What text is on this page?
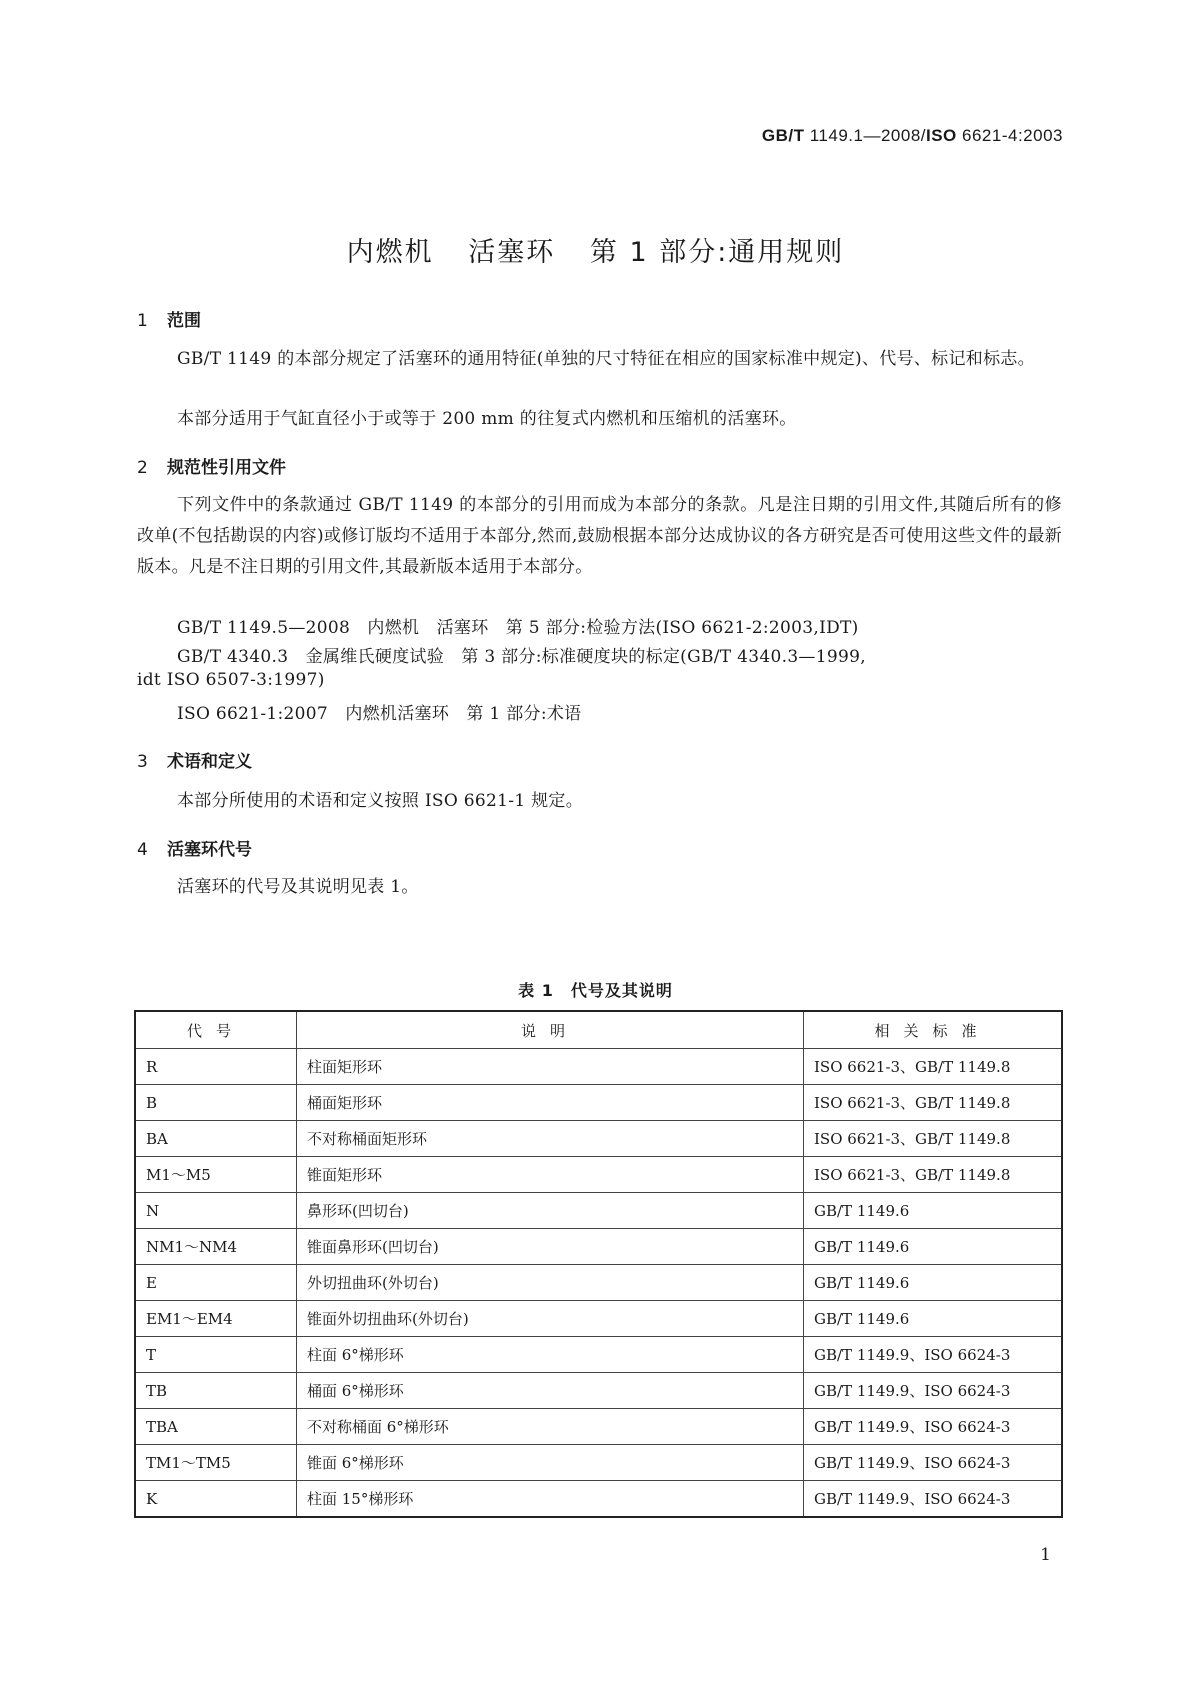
GB/T 1149.1—2008/ISO 6621-4:2003
内燃机 活塞环 第 1 部分:通用规则
1 范围
GB/T 1149 的本部分规定了活塞环的通用特征(单独的尺寸特征在相应的国家标准中规定)、代号、标记和标志。
本部分适用于气缸直径小于或等于 200 mm 的往复式内燃机和压缩机的活塞环。
2 规范性引用文件
下列文件中的条款通过 GB/T 1149 的本部分的引用而成为本部分的条款。凡是注日期的引用文件,其随后所有的修改单(不包括勘误的内容)或修订版均不适用于本部分,然而,鼓励根据本部分达成协议的各方研究是否可使用这些文件的最新版本。凡是不注日期的引用文件,其最新版本适用于本部分。
GB/T 1149.5—2008　内燃机　活塞环　第 5 部分:检验方法(ISO 6621-2:2003,IDT)
GB/T 4340.3　金属维氏硬度试验　第 3 部分:标准硬度块的标定(GB/T 4340.3—1999,
idt ISO 6507-3:1997)
ISO 6621-1:2007　内燃机活塞环　第 1 部分:术语
3 术语和定义
本部分所使用的术语和定义按照 ISO 6621-1 规定。
4 活塞环代号
活塞环的代号及其说明见表 1。
表 1　代号及其说明
代号	说明	相关标准
R	柱面矩形环	ISO 6621-3、GB/T 1149.8
B	桶面矩形环	ISO 6621-3、GB/T 1149.8
BA	不对称桶面矩形环	ISO 6621-3、GB/T 1149.8
M1～M5	锥面矩形环	ISO 6621-3、GB/T 1149.8
N	鼻形环(凹切台)	GB/T 1149.6
NM1～NM4	锥面鼻形环(凹切台)	GB/T 1149.6
E	外切扭曲环(外切台)	GB/T 1149.6
EM1～EM4	锥面外切扭曲环(外切台)	GB/T 1149.6
T	柱面 6°梯形环	GB/T 1149.9、ISO 6624-3
TB	桶面 6°梯形环	GB/T 1149.9、ISO 6624-3
TBA	不对称桶面 6°梯形环	GB/T 1149.9、ISO 6624-3
TM1～TM5	锥面 6°梯形环	GB/T 1149.9、ISO 6624-3
K	柱面 15°梯形环	GB/T 1149.9、ISO 6624-3
1
